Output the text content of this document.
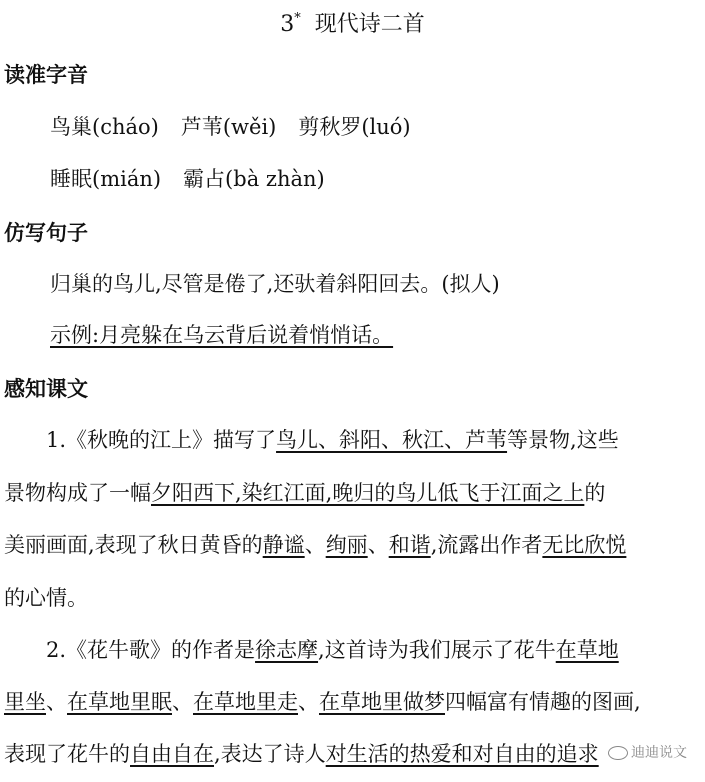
3* 现代诗二首
读准字音
鸟巢(cháo) 芦苇(wěi) 剪秋罗(luó)
睡眠(mián) 霸占(bà zhàn)
仿写句子
归巢的鸟儿,尽管是倦了,还驮着斜阳回去。(拟人)
示例:月亮躲在乌云背后说着悄悄话。
感知课文
1.《秋晚的江上》描写了鸟儿、斜阳、秋江、芦苇等景物,这些
景物构成了一幅夕阳西下,染红江面,晚归的鸟儿低飞于江面之上的
美丽画面,表现了秋日黄昏的静谧、绚丽、和谐,流露出作者无比欣悦
的心情。
2.《花牛歌》的作者是徐志摩,这首诗为我们展示了花牛在草地
里坐、在草地里眠、在草地里走、在草地里做梦四幅富有情趣的图画,
表现了花牛的自由自在,表达了诗人对生活的热爱和对自由的追求	迪迪说文
